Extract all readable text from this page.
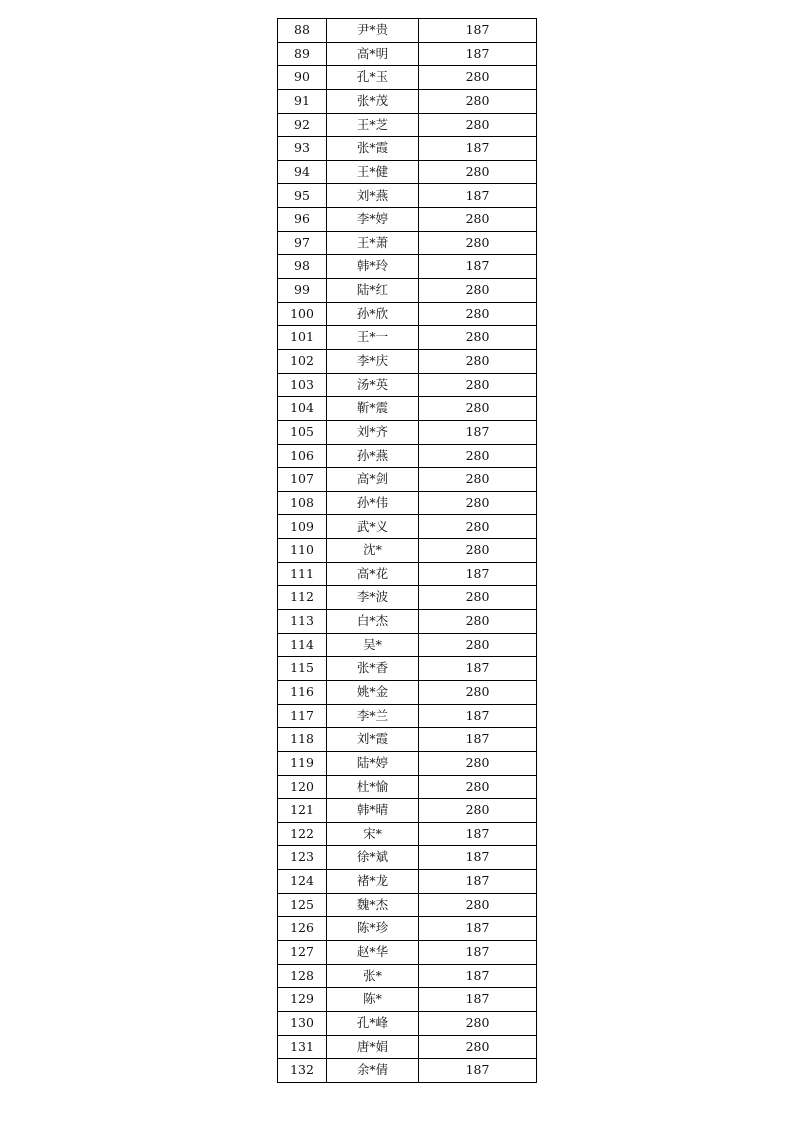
88	尹*贵	187
89	高*明	187
90	孔*玉	280
91	张*茂	280
92	王*芝	280
93	张*霞	187
94	王*健	280
95	刘*燕	187
96	李*婷	280
97	王*萧	280
98	韩*玲	187
99	陆*红	280
100	孙*欣	280
101	王*一	280
102	李*庆	280
103	汤*英	280
104	靳*震	280
105	刘*齐	187
106	孙*燕	280
107	高*剑	280
108	孙*伟	280
109	武*义	280
110	沈*	280
111	高*花	187
112	李*波	280
113	白*杰	280
114	吴*	280
115	张*香	187
116	姚*金	280
117	李*兰	187
118	刘*霞	187
119	陆*婷	280
120	杜*愉	280
121	韩*晴	280
122	宋*	187
123	徐*斌	187
124	褚*龙	187
125	魏*杰	280
126	陈*珍	187
127	赵*华	187
128	张*	187
129	陈*	187
130	孔*峰	280
131	唐*娟	280
132	余*倩	187
